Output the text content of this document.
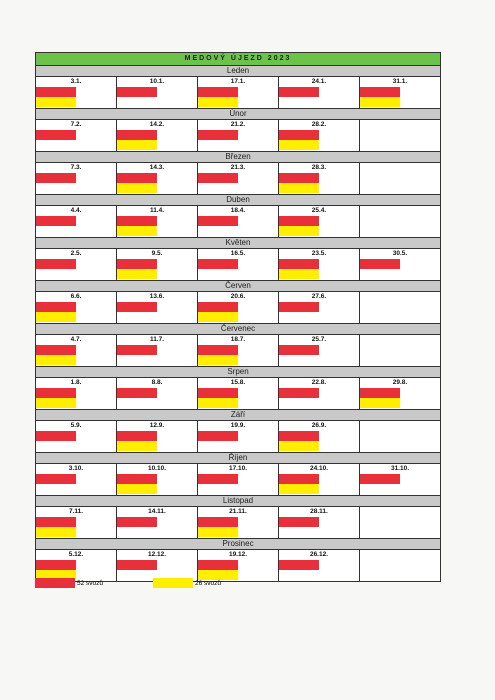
MEDOVÝ ÚJEZD 2023
Leden
3.1.	10.1.	17.1.	24.1.	31.1.
Únor
7.2.	14.2.	21.2.	28.2.
Březen
7.3.	14.3.	21.3.	28.3.
Duben
4.4.	11.4.	18.4.	25.4.
Květen
2.5.	9.5.	16.5.	23.5.	30.5.
Červen
6.6.	13.6.	20.6.	27.6.
Červenec
4.7.	11.7.	18.7.	25.7.
Srpen
1.8.	8.8.	15.8.	22.8.	29.8.
Září
5.9.	12.9.	19.9.	26.9.
Říjen
3.10.	10.10.	17.10.	24.10.	31.10.
Listopad
7.11.	14.11.	21.11.	28.11.
Prosinec
5.12.	12.12.	19.12.	26.12.
52 svozů	26 svozů
